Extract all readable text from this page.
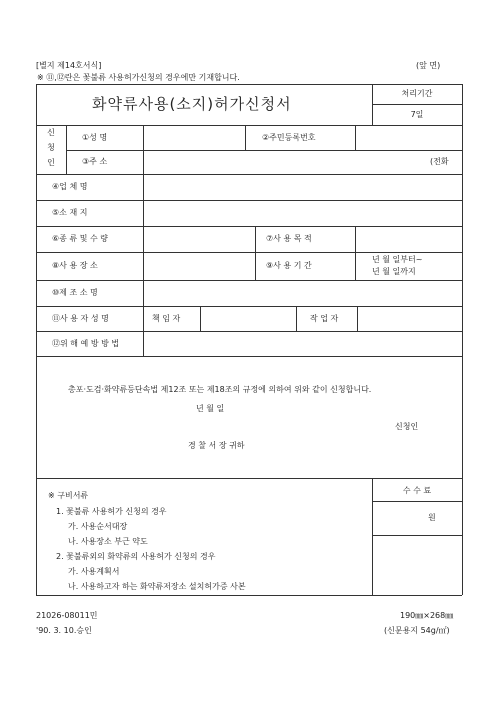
[별지 제14호서식]	(앞 면)
※ ⑪,⑫란은 꽃불류 사용허가신청의 경우에만 기재합니다.
화약류사용(소지)허가신청서
처리기간
7일
신
청
인
①성 명	②주민등록번호
③주 소	(전화
④업 체 명
⑤소 재 지
⑥종 류 및 수 량	⑦사 용 목 적
⑧사 용 장 소	⑨사 용 기 간
년 월 일부터~
년 월 일까지
⑩제 조 소 명
⑪사 용 자 성 명	책 임 자	작 업 자
⑫위 해 예 방 방 법
총포·도검·화약류등단속법 제12조 또는 제18조의 규정에 의하여 위와 같이 신청합니다.
년 월 일
신청인
경 찰 서 장 귀하
※ 구비서류
1. 꽃불류 사용허가 신청의 경우
가. 사용순서대장
나. 사용장소 부근 약도
2. 꽃불류외의 화약류의 사용허가 신청의 경우
가. 사용계획서
나. 사용하고자 하는 화약류저장소 설치허가증 사본
수 수 료
원
21026-08011민
'90. 3. 10.승인
190㎜×268㎜
(신문용지 54g/㎡)
